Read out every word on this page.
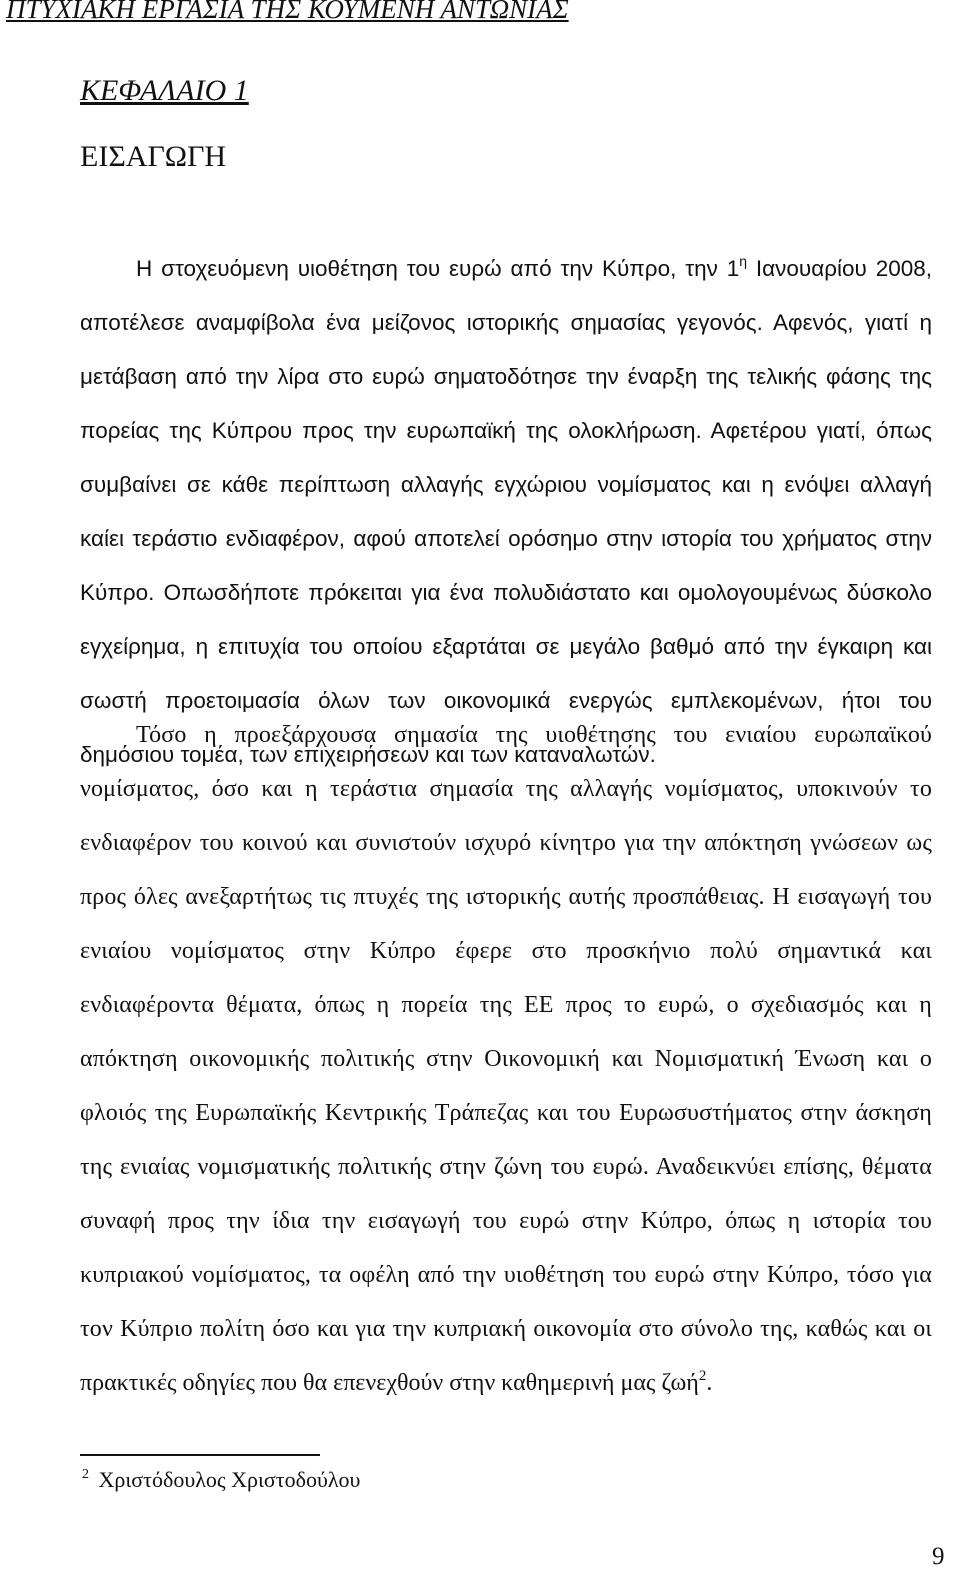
ΠΤΥΧΙΑΚΗ ΕΡΓΑΣΙΑ ΤΗΣ ΚΟΥΜΕΝΗ ΑΝΤΩΝΙΑΣ
ΚΕΦΑΛΑΙΟ 1
ΕΙΣΑΓΩΓΗ
Η στοχευόμενη υιοθέτηση του ευρώ από την Κύπρο, την $1^\eta$ Ιανουαρίου 2008,
αποτέλεσε αναμφίβολα ένα μείζονος ιστορικής σημασίας γεγονός. Αφενός, γιατί η
μετάβαση από την λίρα στο ευρώ σηματοδότησε την έναρξη της τελικής φάσης της
πορείας της Κύπρου προς την ευρωπαϊκή της ολοκλήρωση. Αφετέρου γιατί, όπως
συμβαίνει σε κάθε περίπτωση αλλαγής εγχώριου νομίσματος και η ενόψει αλλαγή
καίει τεράστιο ενδιαφέρον, αφού αποτελεί ορόσημο στην ιστορία του χρήματος στην
Κύπρο. Οπωσδήποτε πρόκειται για ένα πολυδιάστατο και ομολογουμένως δύσκολο
εγχείρημα, η επιτυχία του οποίου εξαρτάται σε μεγάλο βαθμό από την έγκαιρη και
σωστή προετοιμασία όλων των οικονομικά ενεργώς εμπλεκομένων, ήτοι του
δημόσιου τομέα, των επιχειρήσεων και των καταναλωτών.
Τόσο η προεξάρχουσα σημασία της υιοθέτησης του ενιαίου ευρωπαϊκού
νομίσματος, όσο και η τεράστια σημασία της αλλαγής νομίσματος, υποκινούν το
ενδιαφέρον του κοινού και συνιστούν ισχυρό κίνητρο για την απόκτηση γνώσεων ως
προς όλες ανεξαρτήτως τις πτυχές της ιστορικής αυτής προσπάθειας. Η εισαγωγή του
ενιαίου νομίσματος στην Κύπρο έφερε στο προσκήνιο πολύ σημαντικά και
ενδιαφέροντα θέματα, όπως η πορεία της ΕΕ προς το ευρώ, ο σχεδιασμός και η
απόκτηση οικονομικής πολιτικής στην Οικονομική και Νομισματική Ένωση και ο
φλοιός της Ευρωπαϊκής Κεντρικής Τράπεζας και του Ευρωσυστήματος στην άσκηση
της ενιαίας νομισματικής πολιτικής στην ζώνη του ευρώ. Αναδεικνύει επίσης, θέματα
συναφή προς την ίδια την εισαγωγή του ευρώ στην Κύπρο, όπως η ιστορία του
κυπριακού νομίσματος, τα οφέλη από την υιοθέτηση του ευρώ στην Κύπρο, τόσο για
τον Κύπριο πολίτη όσο και για την κυπριακή οικονομία στο σύνολο της, καθώς και οι
πρακτικές οδηγίες που θα επενεχθούν στην καθημερινή μας ζωή$^2$.
$^2$ Χριστόδουλος Χριστοδούλου
9
